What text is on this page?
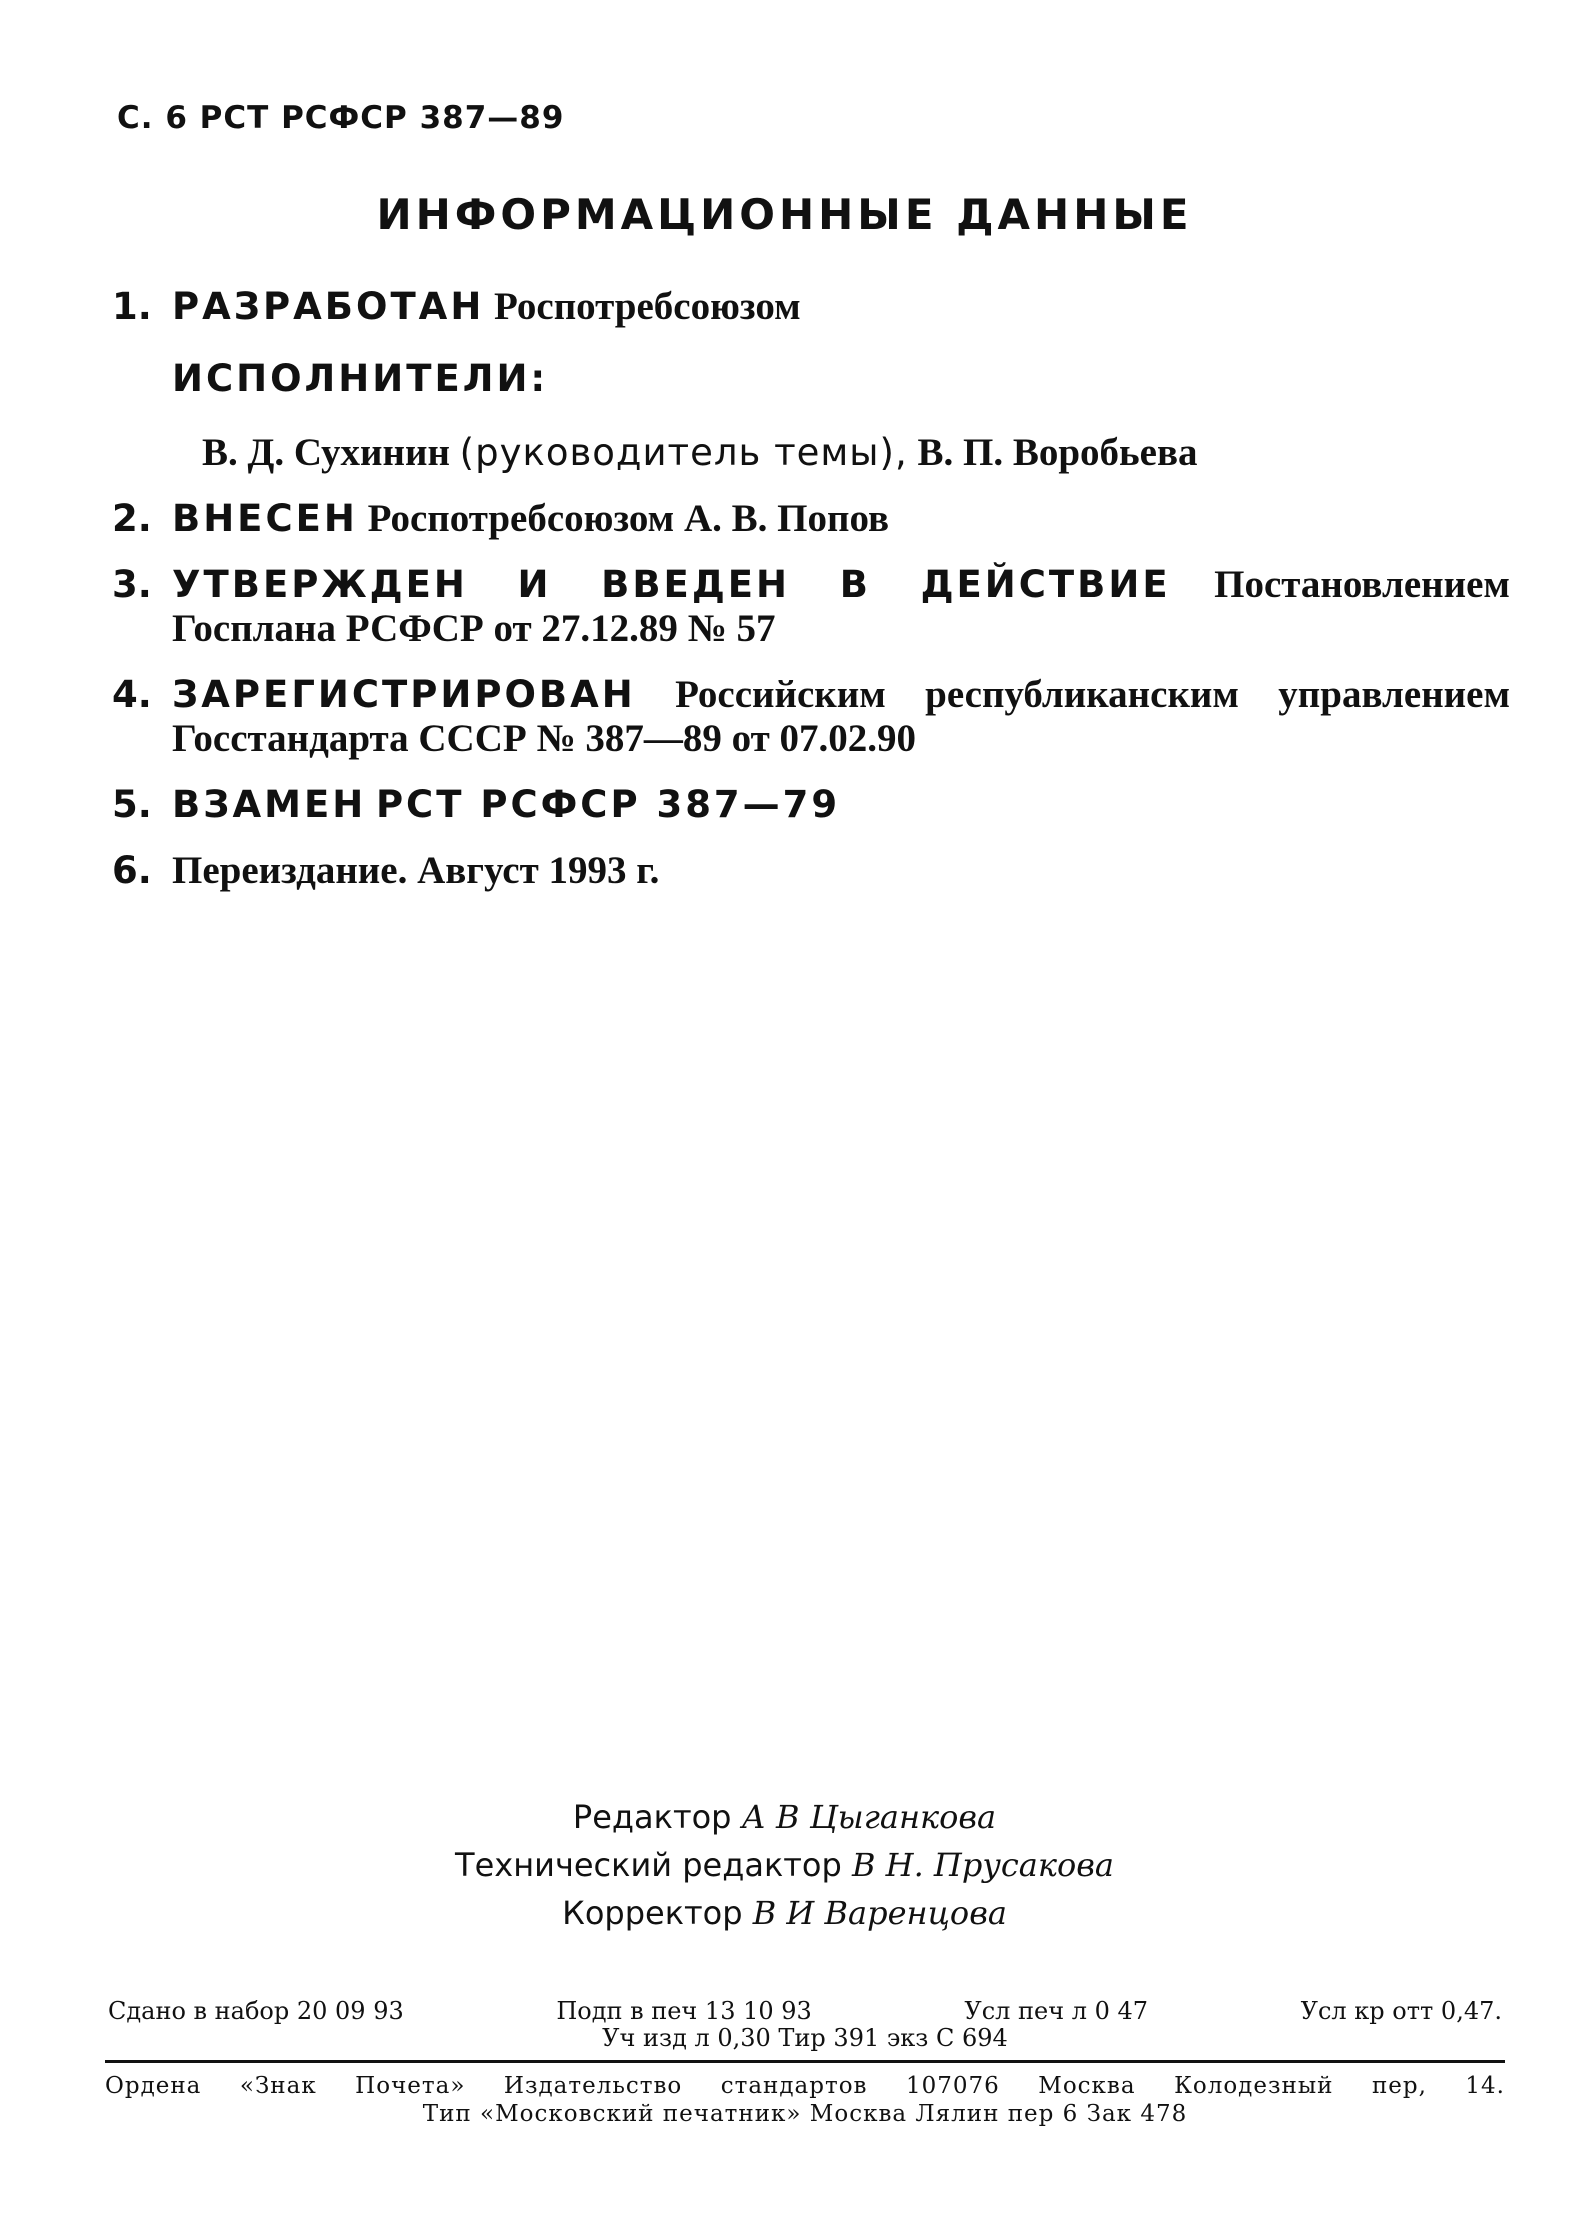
С. 6 РСТ РСФСР 387—89
ИНФОРМАЦИОННЫЕ ДАННЫЕ
1. РАЗРАБОТАН Роспотребсоюзом
ИСПОЛНИТЕЛИ:
В. Д. Сухинин (руководитель темы), В. П. Воробьева
2. ВНЕСЕН Роспотребсоюзом А. В. Попов
3. УТВЕРЖДЕН И ВВЕДЕН В ДЕЙСТВИЕ Постановлением Госплана РСФСР от 27.12.89 № 57
4. ЗАРЕГИСТРИРОВАН Российским республиканским управлением Госстандарта СССР № 387—89 от 07.02.90
5. ВЗАМЕН РСТ РСФСР 387—79
6. Переиздание. Август 1993 г.
Редактор А В Цыганкова
Технический редактор В Н. Прусакова
Корректор В И Варенцова
Сдано в набор 20 09 93	Подп в печ 13 10 93	Усл печ л 0 47	Усл кр отт 0,47.
Уч изд л 0,30 Тир 391 экз С 694
Ордена «Знак Почета» Издательство стандартов 107076 Москва Колодезный пер, 14.
Тип «Московский печатник» Москва Лялин пер 6 Зак 478
